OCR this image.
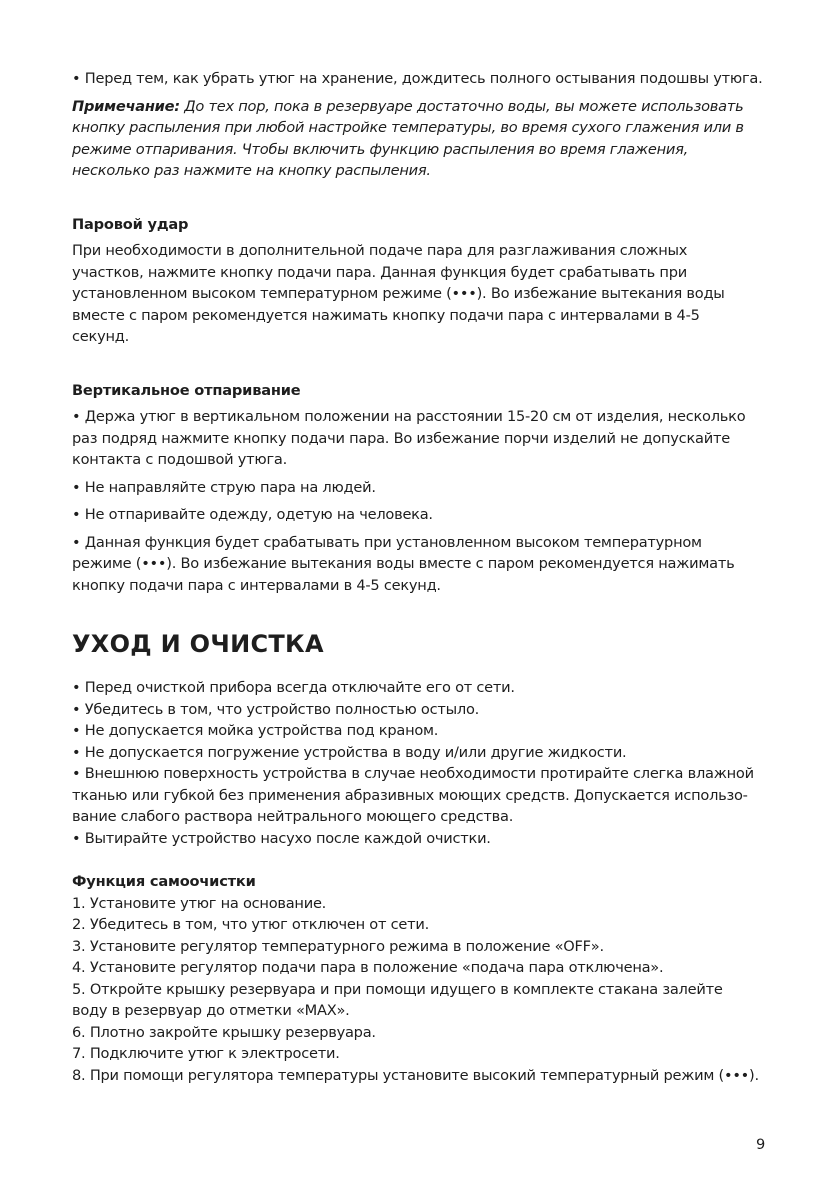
• Перед тем, как убрать утюг на хранение, дождитесь полного остывания подошвы утюга.

Примечание: До тех пор, пока в резервуаре достаточно воды, вы можете использовать кнопку распыления при любой настройке температуры, во время сухого глажения или в режиме отпаривания. Чтобы включить функцию распыления во время глажения, несколько раз нажмите на кнопку распыления.

Паровой удар

При необходимости в дополнительной подаче пара для разглаживания сложных участков, нажмите кнопку подачи пара. Данная функция будет срабатывать при установленном высоком температурном режиме (•••). Во избежание вытекания воды вместе с паром рекомендуется нажимать кнопку подачи пара с интервалами в 4-5 секунд.

Вертикальное отпаривание

• Держа утюг в вертикальном положении на расстоянии 15-20 см от изделия, несколько раз подряд нажмите кнопку подачи пара. Во избежание порчи изделий не допускайте контакта с подошвой утюга.

• Не направляйте струю пара на людей.

• Не отпаривайте одежду, одетую на человека.

• Данная функция будет срабатывать при установленном высоком температурном режиме (•••). Во избежание вытекания воды вместе с паром рекомендуется нажимать кнопку подачи пара с интервалами в 4-5 секунд.

УХОД И ОЧИСТКА

• Перед очисткой прибора всегда отключайте его от сети.

• Убедитесь в том, что устройство полностью остыло.

• Не допускается мойка устройства под краном.

• Не допускается погружение устройства в воду и/или другие жидкости.

• Внешнюю поверхность устройства в случае необходимости протирайте слегка влажной тканью или губкой без применения абразивных моющих средств. Допускается использо-вание слабого раствора нейтрального моющего средства.

• Вытирайте устройство насухо после каждой очистки.

Функция самоочистки

1. Установите утюг на основание.

2. Убедитесь в том, что утюг отключен от сети.

3. Установите регулятор температурного режима в положение «OFF».

4. Установите регулятор подачи пара в положение «подача пара отключена».

5. Откройте крышку резервуара и при помощи идущего в комплекте стакана залейте воду в резервуар до отметки «MAX».

6. Плотно закройте крышку резервуара.

7. Подключите утюг к электросети.

8. При помощи регулятора температуры установите высокий температурный режим (•••).

9
